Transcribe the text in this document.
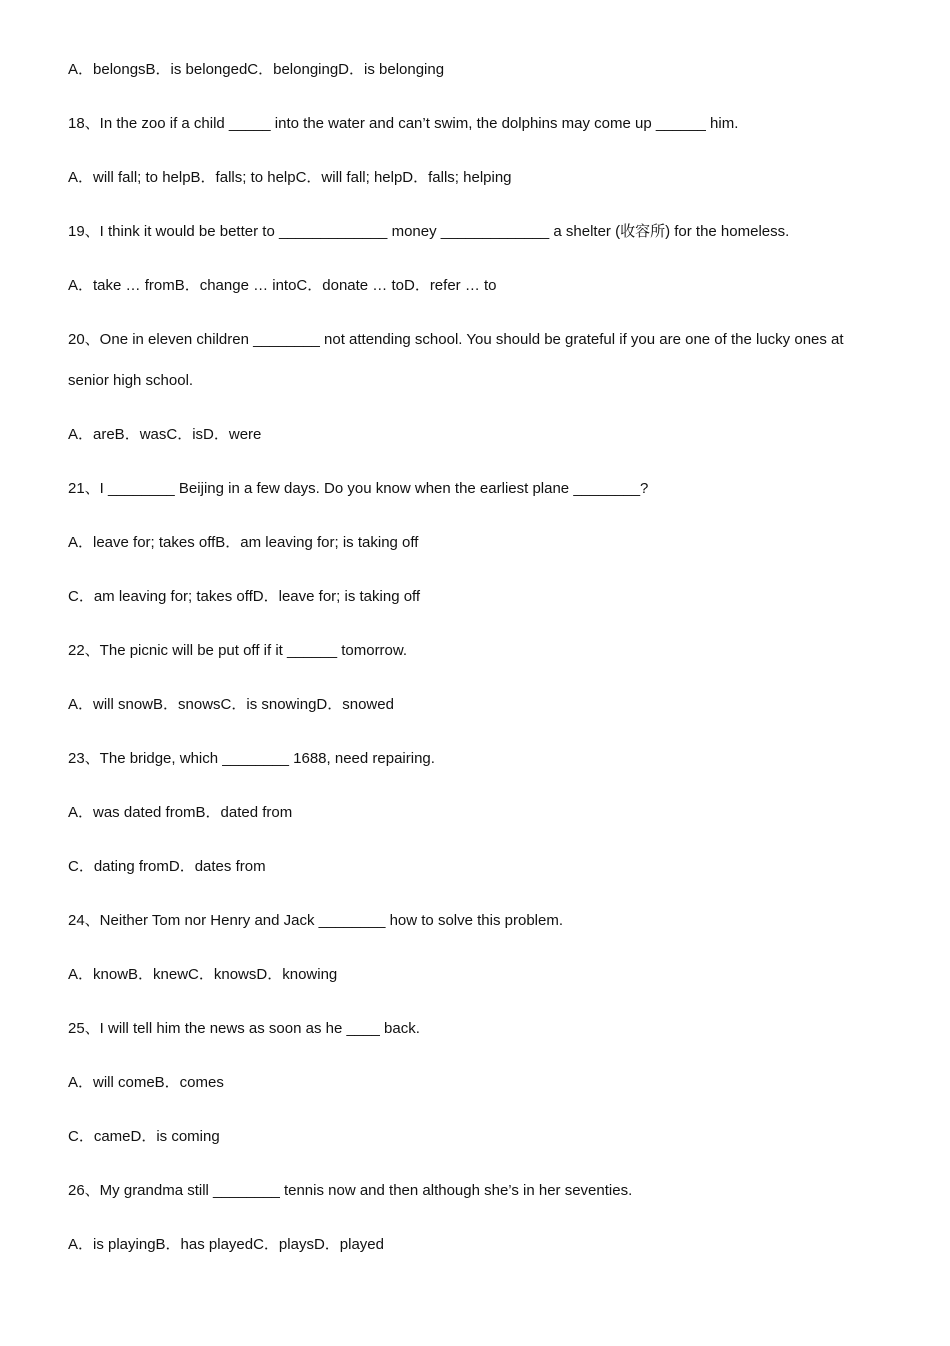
A．belongsB．is belongedC．belongingD．is belonging
18、In the zoo if a child _____ into the water and can’t swim, the dolphins may come up ______ him.
A．will fall; to helpB．falls; to helpC．will fall; helpD．falls; helping
19、I think it would be better to _____________ money _____________ a shelter (收容所) for the homeless.
A．take … fromB．change … intoC．donate … toD．refer … to
20、One in eleven children ________ not attending school. You should be grateful if you are one of the lucky ones at
senior high school.
A．areB．wasC．isD．were
21、I ________ Beijing in a few days. Do you know when the earliest plane ________?
A．leave for; takes offB．am leaving for; is taking off
C．am leaving for; takes offD．leave for; is taking off
22、The picnic will be put off if it ______ tomorrow.
A．will snowB．snowsC．is snowingD．snowed
23、The bridge, which ________ 1688, need repairing.
A．was dated fromB．dated from
C．dating fromD．dates from
24、Neither Tom nor Henry and Jack ________ how to solve this problem.
A．knowB．knewC．knowsD．knowing
25、I will tell him the news as soon as he ____ back.
A．will comeB．comes
C．cameD．is coming
26、My grandma still ________ tennis now and then although she’s in her seventies.
A．is playingB．has playedC．playsD．played
